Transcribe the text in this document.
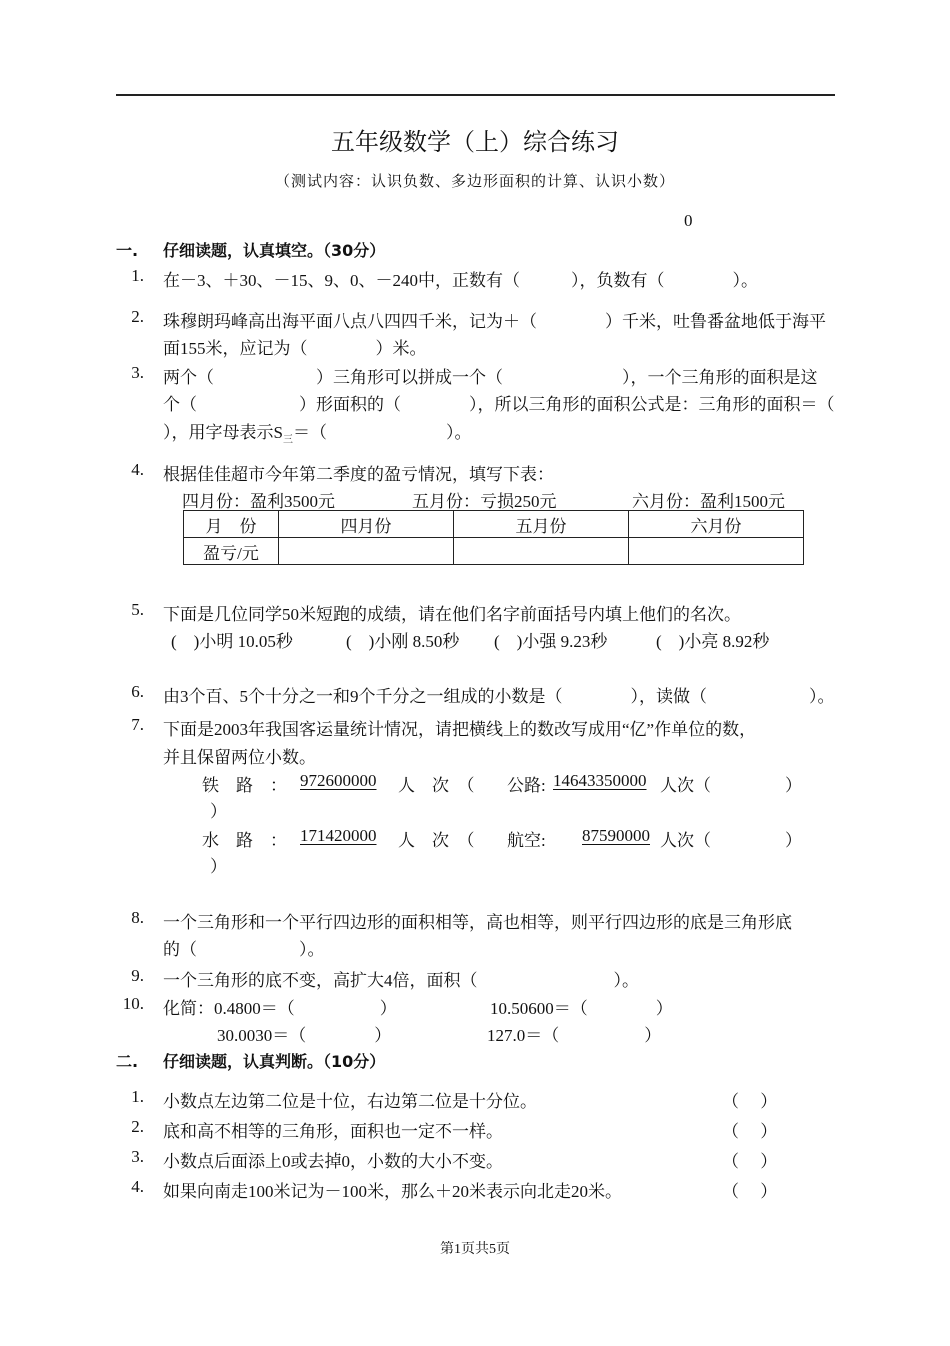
五年级数学（上）综合练习
（测试内容：认识负数、多边形面积的计算、认识小数）
0
一. 仔细读题，认真填空。（30分）
1. 在－3、＋30、－15、9、0、－240中，正数有（　　　），负数有（　　　　）。
2. 珠穆朗玛峰高出海平面八点八四四千米，记为＋（　　　　）千米，吐鲁番盆地低于海平
面155米，应记为（　　　　）米。
3. 两个（　　　　　　）三角形可以拼成一个（　　　　　　　），一个三角形的面积是这
个（　　　　　　）形面积的（　　　　），所以三角形的面积公式是：三角形的面积＝（
），用字母表示$S_三=$（　　　　　　　）。
4. 根据佳佳超市今年第二季度的盈亏情况，填写下表：
四月份：盈利3500元	五月份：亏损250元	六月份：盈利1500元
月　份	四月份	五月份	六月份
盈亏/元			
5. 下面是几位同学50米短跑的成绩，请在他们名字前面括号内填上他们的名次。
(　)小明 10.05秒	(　)小刚 8.50秒 (　)小强 9.23秒	(　)小亮 8.92秒
6. 由3个百、5个十分之一和9个千分之一组成的小数是（　　　　），读做（　　　　　　）。
7. 下面是2003年我国客运量统计情况，请把横线上的数改写成用“亿”作单位的数，
并且保留两位小数。
铁　路　： 972600000 人　次　（ 公路: 14643350000 人次（	）
）
水　路　： 171420000 人　次　（ 航空: 87590000 人次（	）
）
8. 一个三角形和一个平行四边形的面积相等，高也相等，则平行四边形的底是三角形底
的（　　　　　　）。
9. 一个三角形的底不变，高扩大4倍，面积（　　　　　　　　）。
10. 化简：0.4800＝（　　　　　）	10.50600＝（　　　　）
30.0030＝（　　　　）	127.0＝（　　　　　）
二. 仔细读题，认真判断。（10分）
1. 小数点左边第二位是十位，右边第二位是十分位。	（　 ）
2. 底和高不相等的三角形，面积也一定不一样。	（　 ）
3. 小数点后面添上0或去掉0，小数的大小不变。	（　 ）
4. 如果向南走100米记为－100米，那么＋20米表示向北走20米。	（　 ）
第1页共5页
